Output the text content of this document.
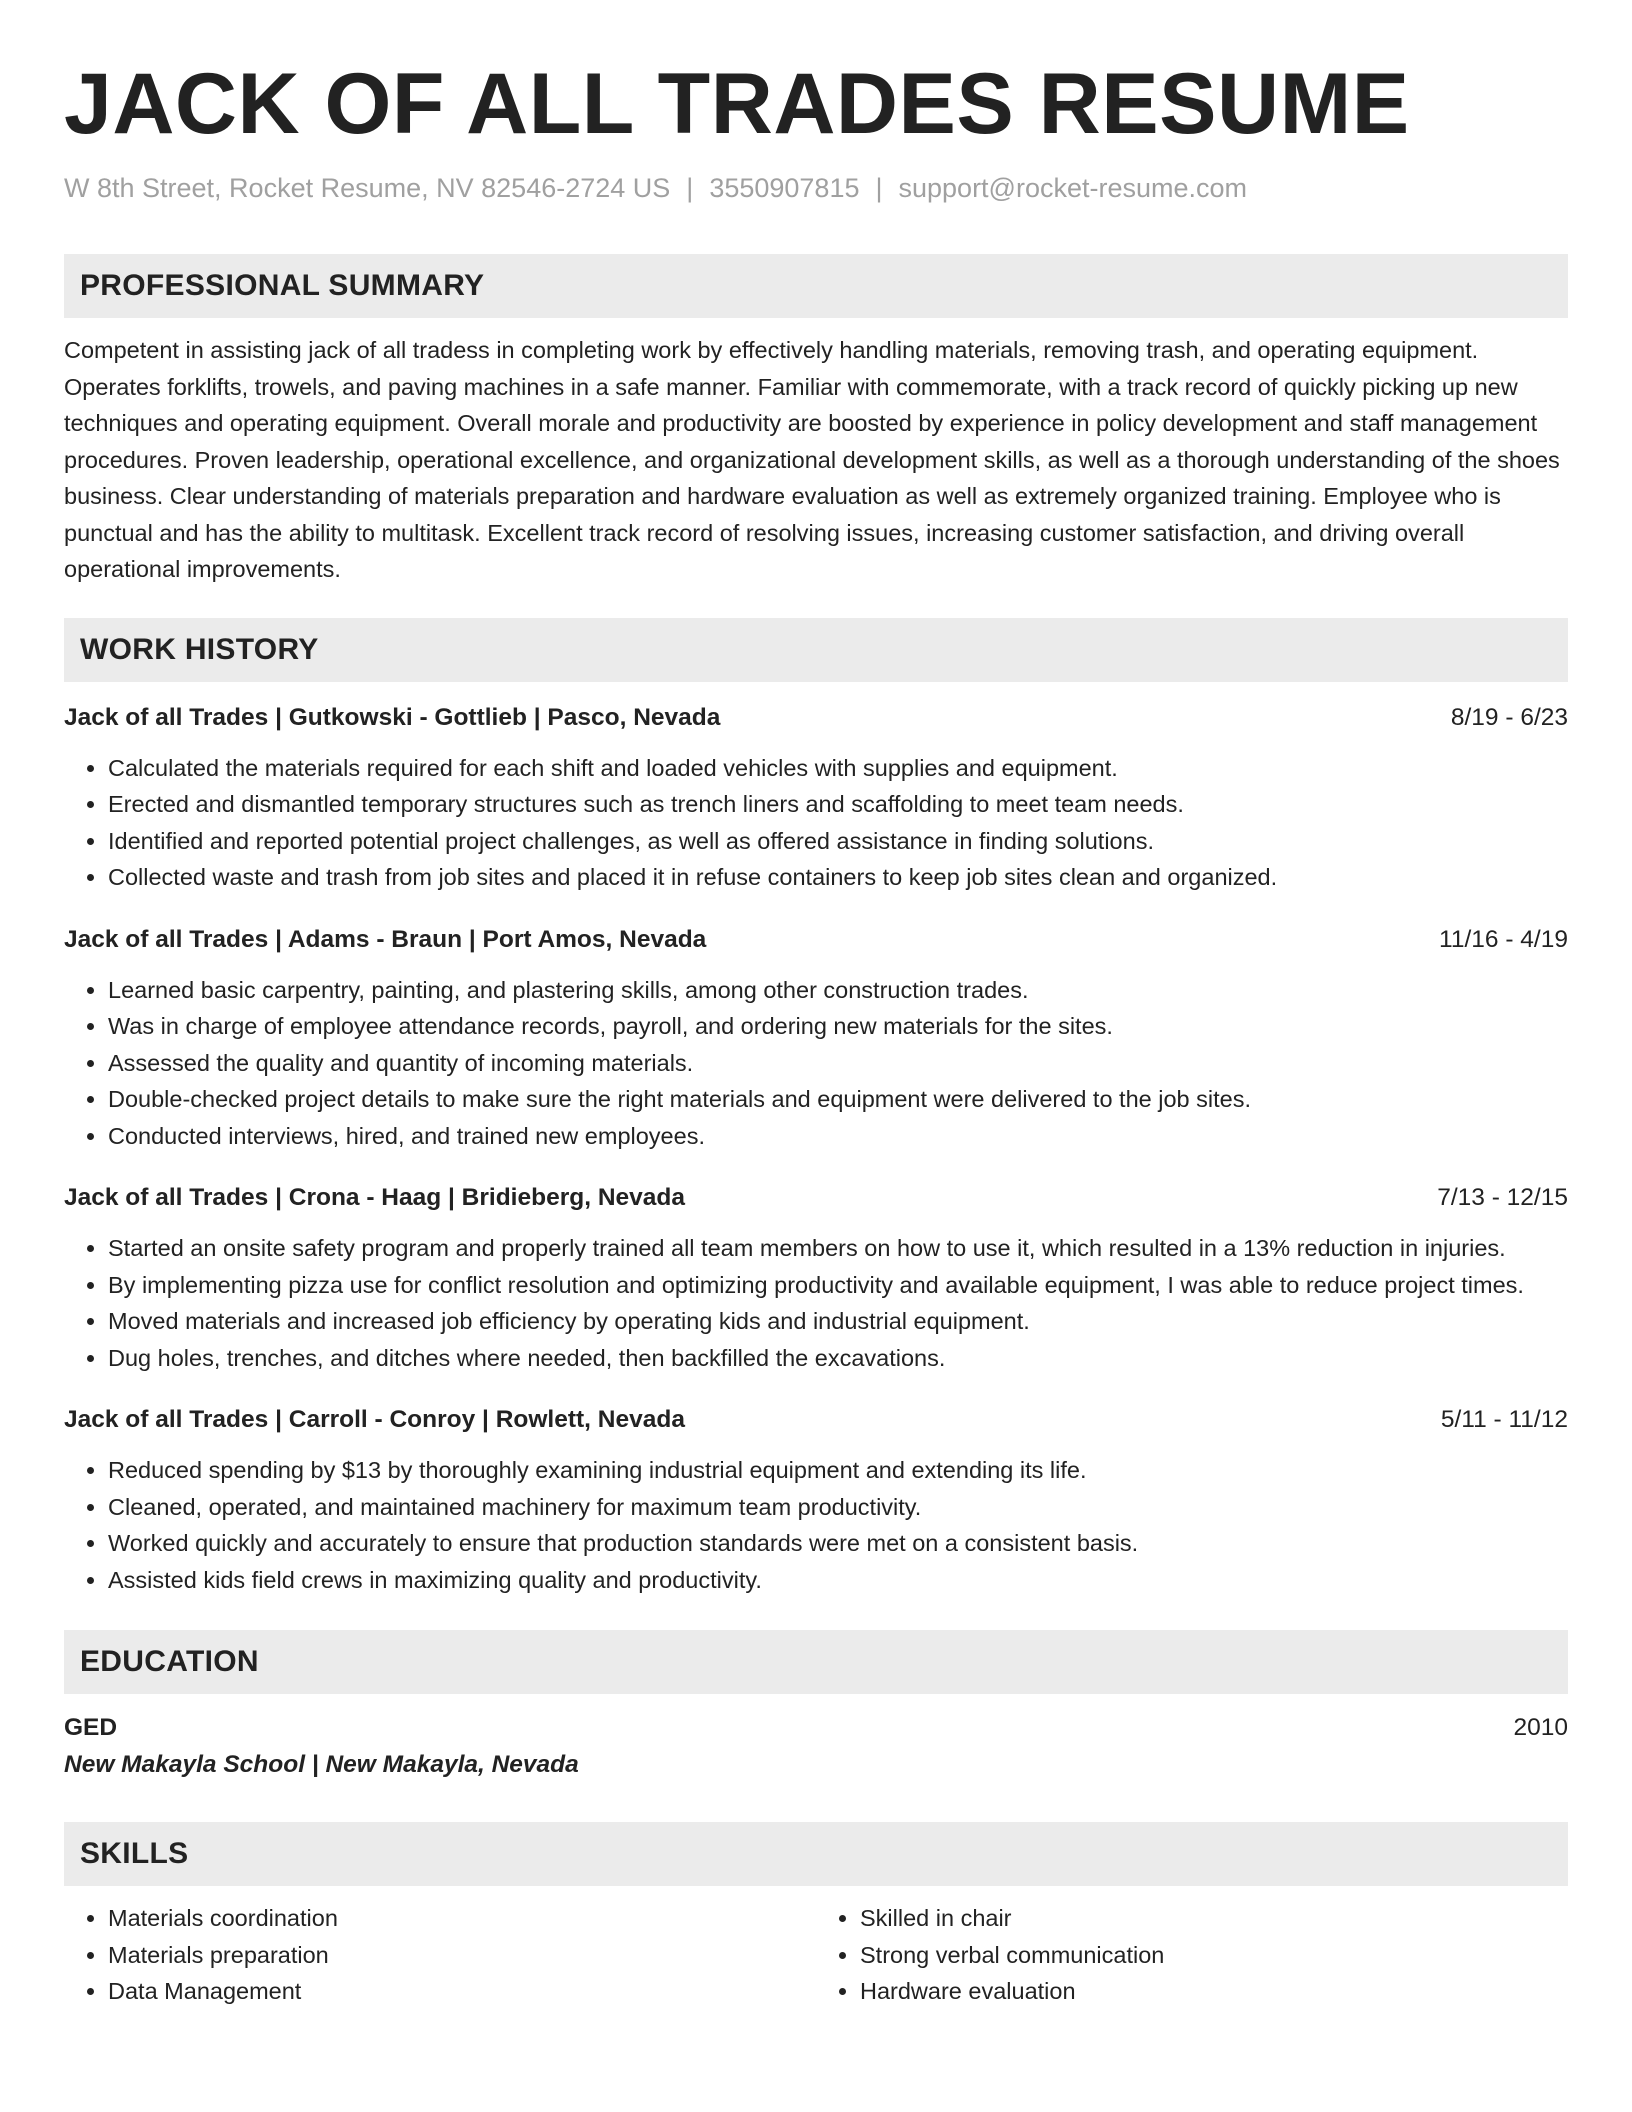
JACK OF ALL TRADES RESUME
W 8th Street, Rocket Resume, NV 82546-2724 US | 3550907815 | support@rocket-resume.com
PROFESSIONAL SUMMARY

Competent in assisting jack of all tradess in completing work by effectively handling materials, removing trash, and operating equipment. Operates forklifts, trowels, and paving machines in a safe manner. Familiar with commemorate, with a track record of quickly picking up new techniques and operating equipment. Overall morale and productivity are boosted by experience in policy development and staff management procedures. Proven leadership, operational excellence, and organizational development skills, as well as a thorough understanding of the shoes business. Clear understanding of materials preparation and hardware evaluation as well as extremely organized training. Employee who is punctual and has the ability to multitask. Excellent track record of resolving issues, increasing customer satisfaction, and driving overall operational improvements.

WORK HISTORY
Jack of all Trades | Gutkowski - Gottlieb | Pasco, Nevada	8/19 - 6/23
• Calculated the materials required for each shift and loaded vehicles with supplies and equipment.
• Erected and dismantled temporary structures such as trench liners and scaffolding to meet team needs.
• Identified and reported potential project challenges, as well as offered assistance in finding solutions.
• Collected waste and trash from job sites and placed it in refuse containers to keep job sites clean and organized.
Jack of all Trades | Adams - Braun | Port Amos, Nevada	11/16 - 4/19
• Learned basic carpentry, painting, and plastering skills, among other construction trades.
• Was in charge of employee attendance records, payroll, and ordering new materials for the sites.
• Assessed the quality and quantity of incoming materials.
• Double-checked project details to make sure the right materials and equipment were delivered to the job sites.
• Conducted interviews, hired, and trained new employees.
Jack of all Trades | Crona - Haag | Bridieberg, Nevada	7/13 - 12/15
• Started an onsite safety program and properly trained all team members on how to use it, which resulted in a 13% reduction in injuries.
• By implementing pizza use for conflict resolution and optimizing productivity and available equipment, I was able to reduce project times.
• Moved materials and increased job efficiency by operating kids and industrial equipment.
• Dug holes, trenches, and ditches where needed, then backfilled the excavations.
Jack of all Trades | Carroll - Conroy | Rowlett, Nevada	5/11 - 11/12
• Reduced spending by $13 by thoroughly examining industrial equipment and extending its life.
• Cleaned, operated, and maintained machinery for maximum team productivity.
• Worked quickly and accurately to ensure that production standards were met on a consistent basis.
• Assisted kids field crews in maximizing quality and productivity.
EDUCATION
GED	2010
New Makayla School | New Makayla, Nevada
SKILLS
• Materials coordination
• Materials preparation
• Data Management
• Skilled in chair
• Strong verbal communication
• Hardware evaluation
